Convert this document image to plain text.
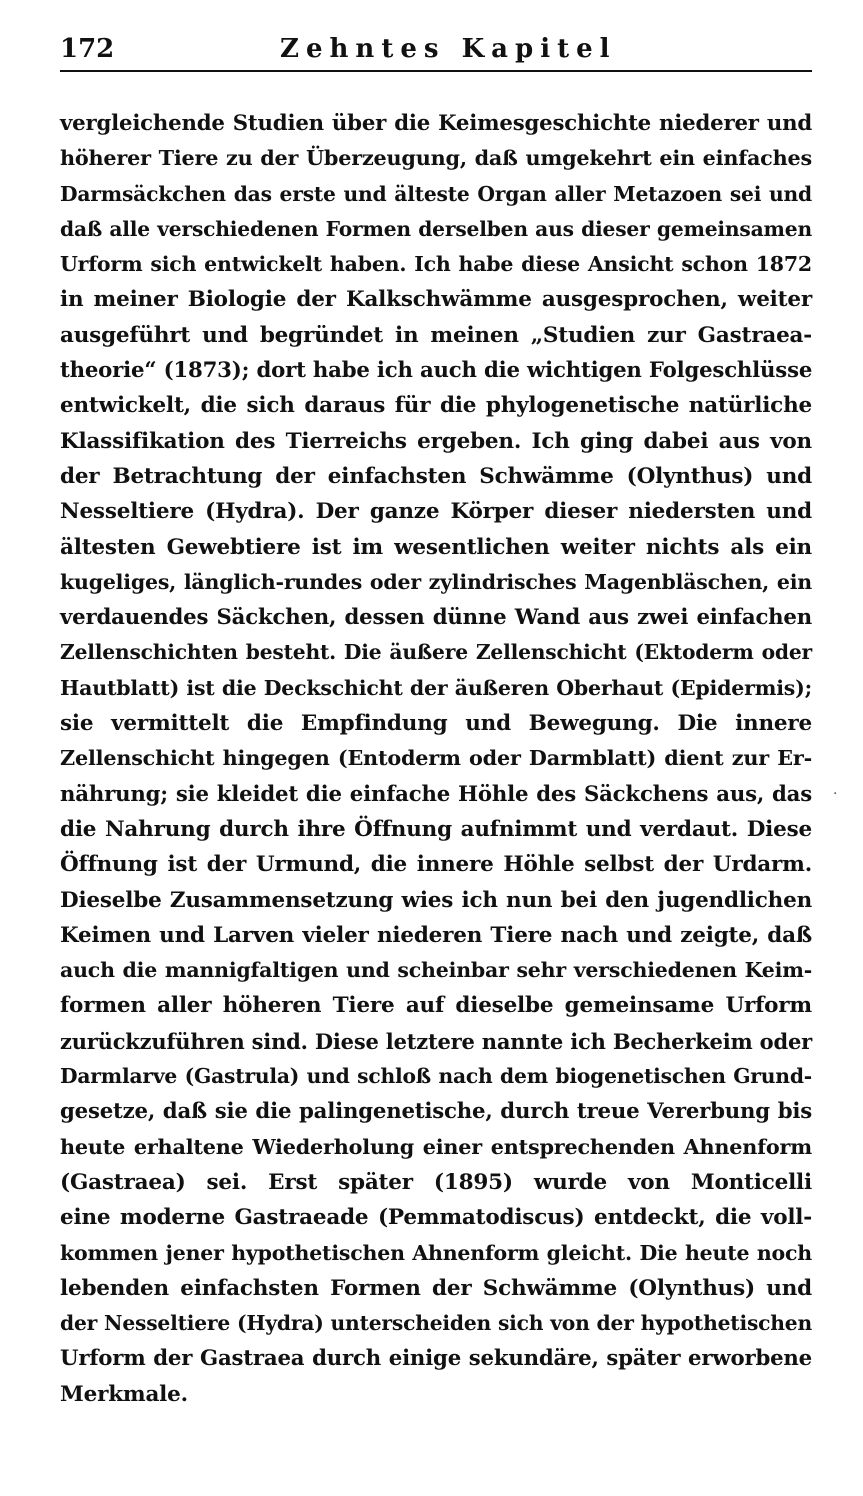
172	Zehntes Kapitel
vergleichende Studien über die Keimesgeschichte niederer und
höherer Tiere zu der Überzeugung, daß umgekehrt ein einfaches
Darmsäckchen das erste und älteste Organ aller Metazoen sei und
daß alle verschiedenen Formen derselben aus dieser gemeinsamen
Urform sich entwickelt haben. Ich habe diese Ansicht schon 1872
in meiner Biologie der Kalkschwämme ausgesprochen, weiter
ausgeführt und begründet in meinen „Studien zur Gastraea-
theorie“ (1873); dort habe ich auch die wichtigen Folgeschlüsse
entwickelt, die sich daraus für die phylogenetische natürliche
Klassifikation des Tierreichs ergeben. Ich ging dabei aus von
der Betrachtung der einfachsten Schwämme (Olynthus) und
Nesseltiere (Hydra). Der ganze Körper dieser niedersten und
ältesten Gewebtiere ist im wesentlichen weiter nichts als ein
kugeliges, länglich-rundes oder zylindrisches Magenbläschen, ein
verdauendes Säckchen, dessen dünne Wand aus zwei einfachen
Zellenschichten besteht. Die äußere Zellenschicht (Ektoderm oder
Hautblatt) ist die Deckschicht der äußeren Oberhaut (Epidermis);
sie vermittelt die Empfindung und Bewegung. Die innere
Zellenschicht hingegen (Entoderm oder Darmblatt) dient zur Er-
nährung; sie kleidet die einfache Höhle des Säckchens aus, das
die Nahrung durch ihre Öffnung aufnimmt und verdaut. Diese
Öffnung ist der Urmund, die innere Höhle selbst der Urdarm.
Dieselbe Zusammensetzung wies ich nun bei den jugendlichen
Keimen und Larven vieler niederen Tiere nach und zeigte, daß
auch die mannigfaltigen und scheinbar sehr verschiedenen Keim-
formen aller höheren Tiere auf dieselbe gemeinsame Urform
zurückzuführen sind. Diese letztere nannte ich Becherkeim oder
Darmlarve (Gastrula) und schloß nach dem biogenetischen Grund-
gesetze, daß sie die palingenetische, durch treue Vererbung bis
heute erhaltene Wiederholung einer entsprechenden Ahnenform
(Gastraea) sei. Erst später (1895) wurde von Monticelli
eine moderne Gastraeade (Pemmatodiscus) entdeckt, die voll-
kommen jener hypothetischen Ahnenform gleicht. Die heute noch
lebenden einfachsten Formen der Schwämme (Olynthus) und
der Nesseltiere (Hydra) unterscheiden sich von der hypothetischen
Urform der Gastraea durch einige sekundäre, später erworbene
Merkmale.
·
